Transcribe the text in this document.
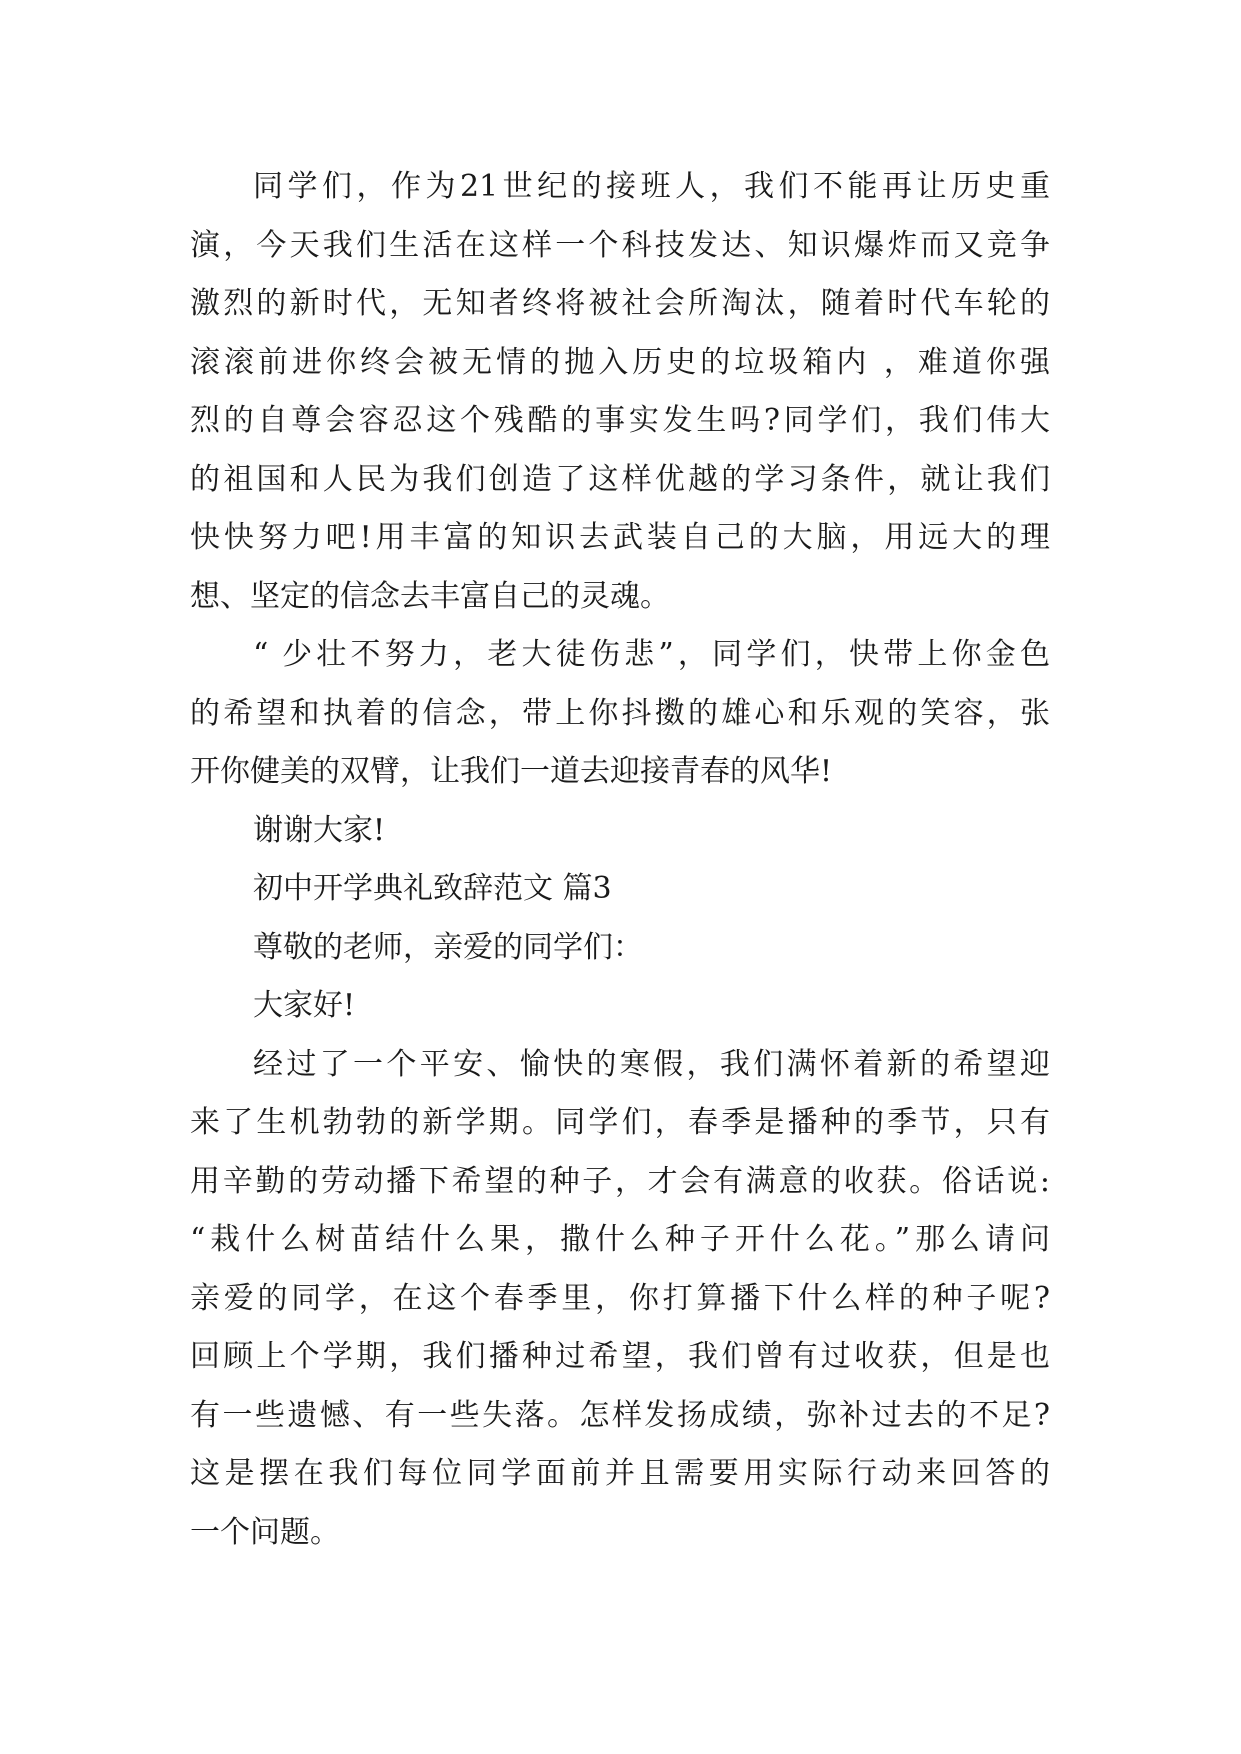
同学们，作为21世纪的接班人，我们不能再让历史重
演，今天我们生活在这样一个科技发达、知识爆炸而又竞争
激烈的新时代，无知者终将被社会所淘汰，随着时代车轮的
滚滚前进你终会被无情的抛入历史的垃圾箱内 ，难道你强
烈的自尊会容忍这个残酷的事实发生吗?同学们，我们伟大
的祖国和人民为我们创造了这样优越的学习条件，就让我们
快快努力吧!用丰富的知识去武装自己的大脑，用远大的理
想、坚定的信念去丰富自己的灵魂。
“ 少壮不努力，老大徒伤悲”，同学们，快带上你金色
的希望和执着的信念，带上你抖擞的雄心和乐观的笑容，张
开你健美的双臂，让我们一道去迎接青春的风华!
谢谢大家!
初中开学典礼致辞范文 篇3
尊敬的老师，亲爱的同学们：
大家好!
经过了一个平安、愉快的寒假，我们满怀着新的希望迎
来了生机勃勃的新学期。同学们，春季是播种的季节，只有
用辛勤的劳动播下希望的种子，才会有满意的收获。俗话说:
“栽什么树苗结什么果，撒什么种子开什么花。”那么请问
亲爱的同学，在这个春季里，你打算播下什么样的种子呢?
回顾上个学期，我们播种过希望，我们曾有过收获，但是也
有一些遗憾、有一些失落。怎样发扬成绩，弥补过去的不足?
这是摆在我们每位同学面前并且需要用实际行动来回答的
一个问题。
